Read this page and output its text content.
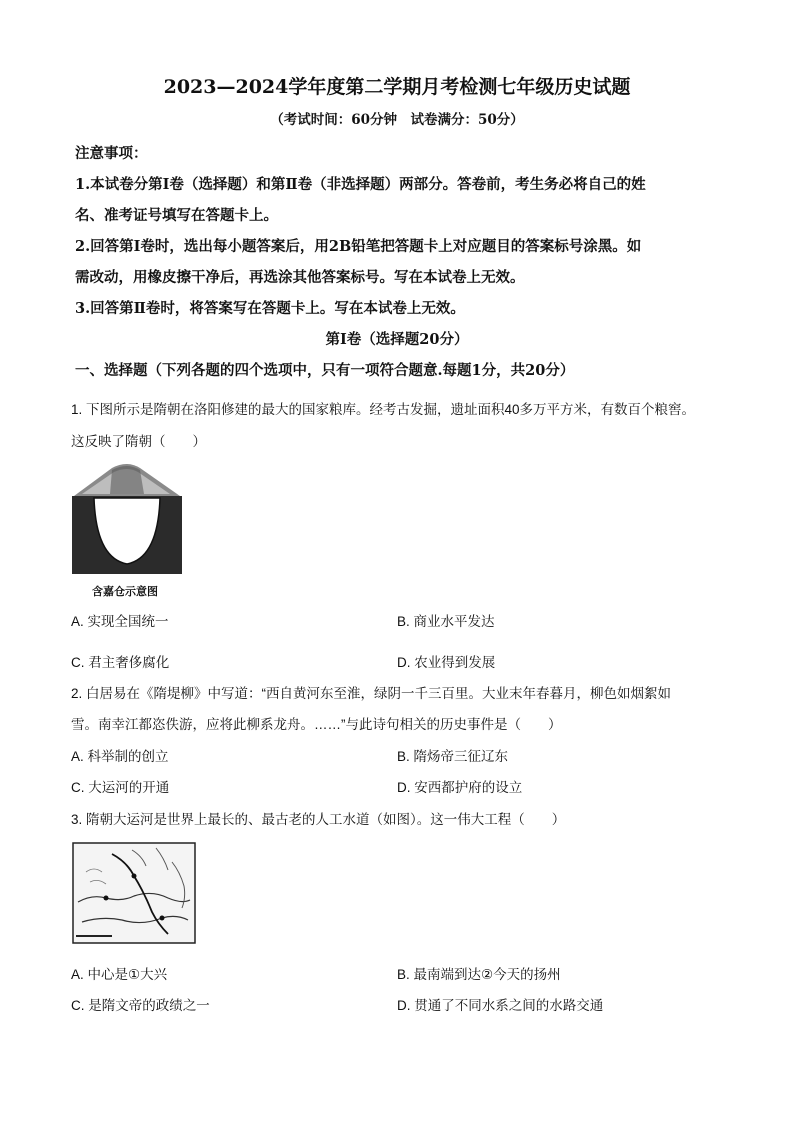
2023—2024学年度第二学期月考检测七年级历史试题
（考试时间：60分钟　试卷满分：50分）
注意事项：
1.本试卷分第Ⅰ卷（选择题）和第Ⅱ卷（非选择题）两部分。答卷前，考生务必将自己的姓
名、准考证号填写在答题卡上。
2.回答第Ⅰ卷时，选出每小题答案后，用2B铅笔把答题卡上对应题目的答案标号涂黑。如
需改动，用橡皮擦干净后，再选涂其他答案标号。写在本试卷上无效。
3.回答第Ⅱ卷时，将答案写在答题卡上。写在本试卷上无效。
第Ⅰ卷（选择题20分）
一、选择题（下列各题的四个选项中，只有一项符合题意.每题1分，共20分）
1. 下图所示是隋朝在洛阳修建的最大的国家粮库。经考古发掘，遗址面积40多万平方米，有数百个粮窖。
这反映了隋朝（　　）
含嘉仓示意图
A. 实现全国统一	B. 商业水平发达
C. 君主奢侈腐化	D. 农业得到发展
2. 白居易在《隋堤柳》中写道：“西自黄河东至淮，绿阴一千三百里。大业末年春暮月，柳色如烟絮如
雪。南幸江都恣佚游，应将此柳系龙舟。……”与此诗句相关的历史事件是（　　）
A. 科举制的创立	B. 隋炀帝三征辽东
C. 大运河的开通	D. 安西都护府的设立
3. 隋朝大运河是世界上最长的、最古老的人工水道（如图）。这一伟大工程（　　）
A. 中心是①大兴	B. 最南端到达②今天的扬州
C. 是隋文帝的政绩之一	D. 贯通了不同水系之间的水路交通
